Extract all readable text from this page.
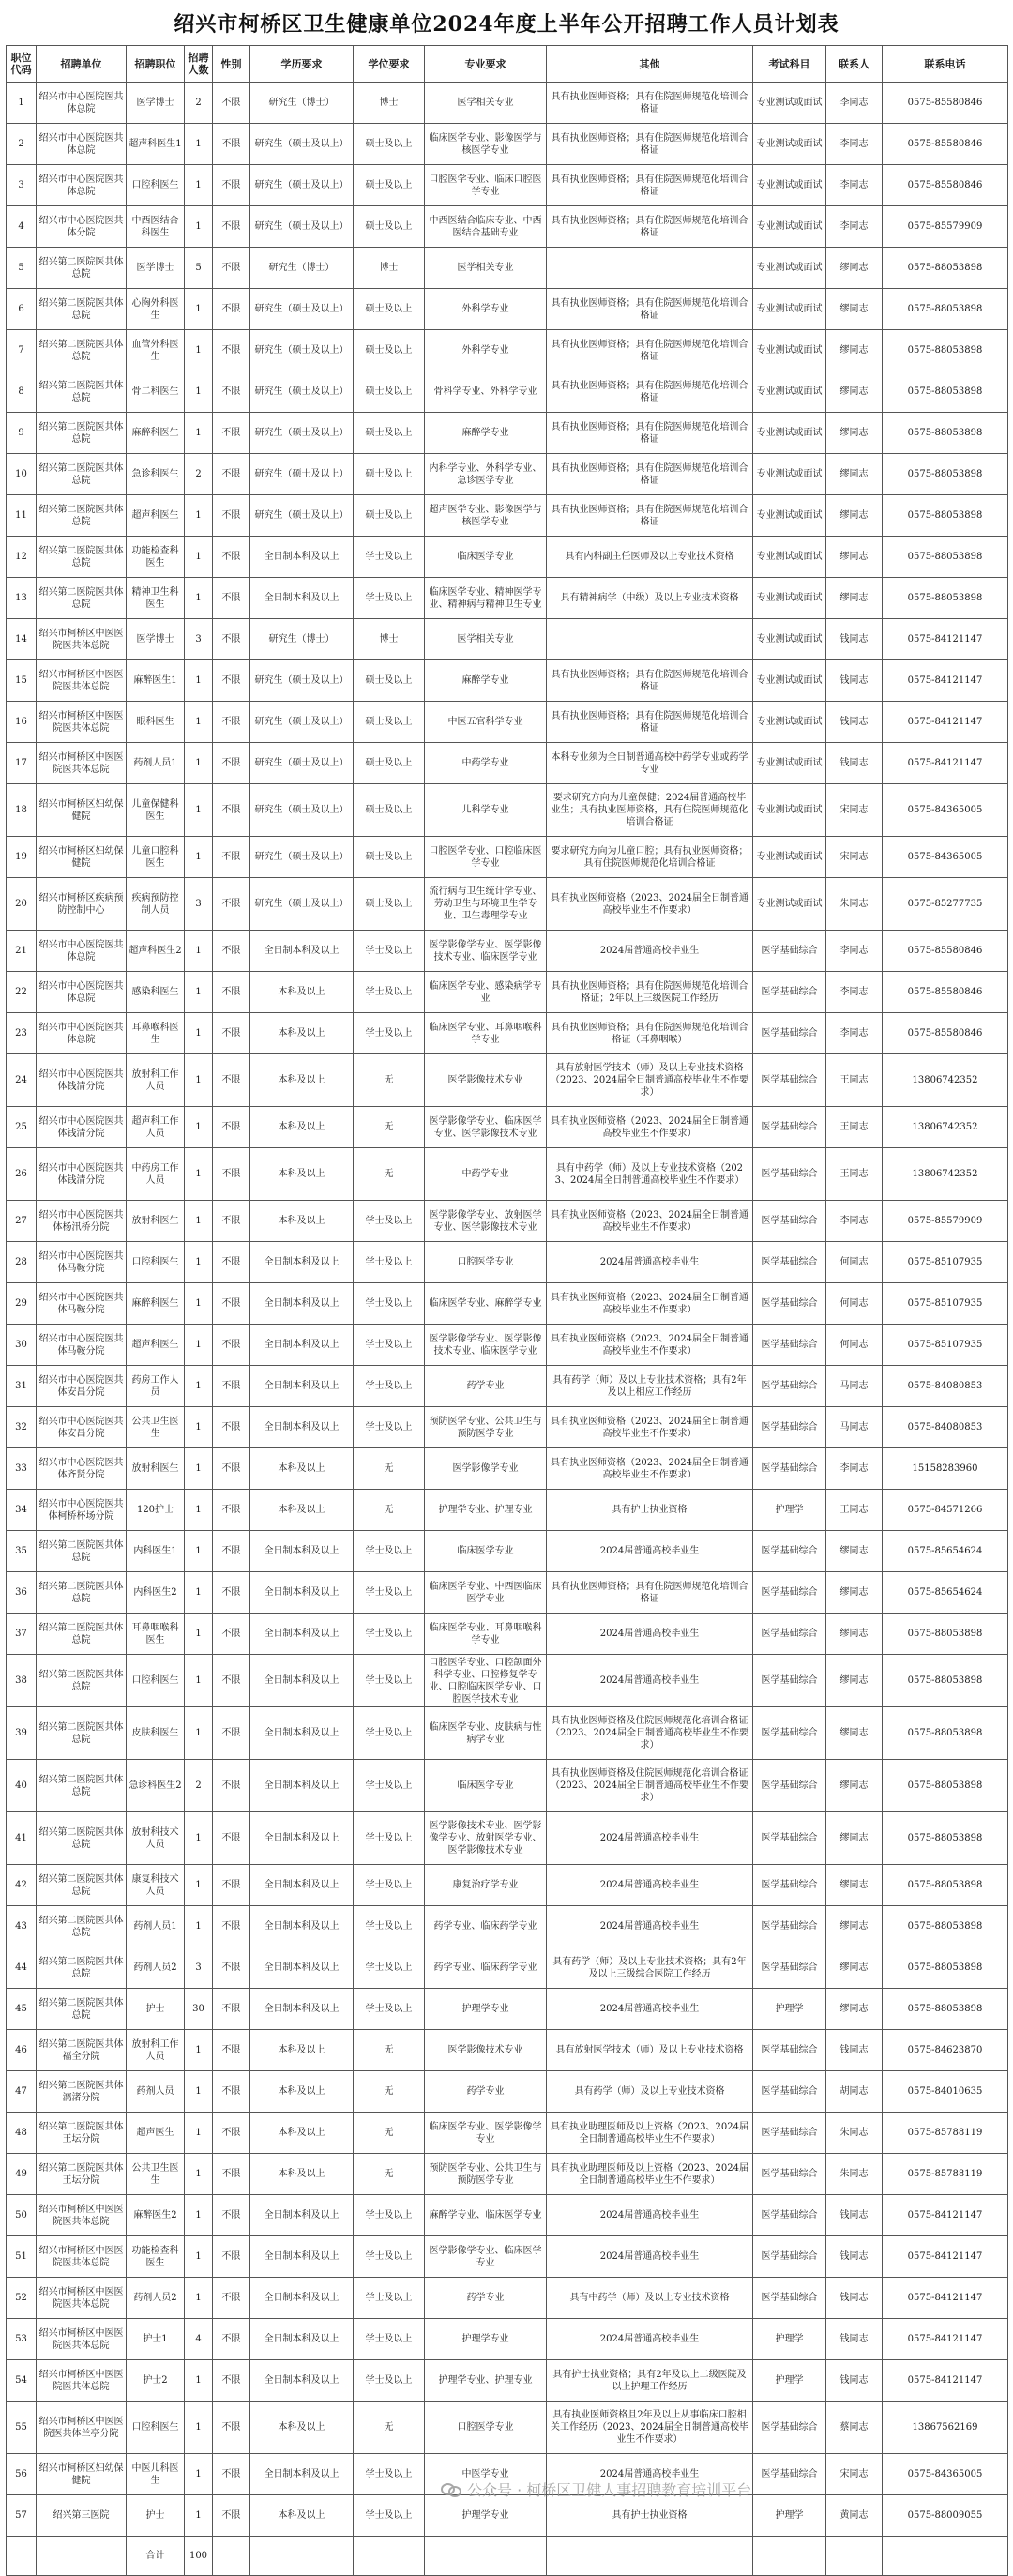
绍兴市柯桥区卫生健康单位2024年度上半年公开招聘工作人员计划表
职位代码	招聘单位	招聘职位	招聘人数	性别	学历要求	学位要求	专业要求	其他	考试科目	联系人	联系电话
1	绍兴市中心医院医共体总院	医学博士	2	不限	研究生（博士）	博士	医学相关专业	具有执业医师资格；具有住院医师规范化培训合格证	专业测试或面试	李同志	0575-85580846
2	绍兴市中心医院医共体总院	超声科医生1	1	不限	研究生（硕士及以上）	硕士及以上	临床医学专业、影像医学与核医学专业	具有执业医师资格；具有住院医师规范化培训合格证	专业测试或面试	李同志	0575-85580846
3	绍兴市中心医院医共体总院	口腔科医生	1	不限	研究生（硕士及以上）	硕士及以上	口腔医学专业、临床口腔医学专业	具有执业医师资格；具有住院医师规范化培训合格证	专业测试或面试	李同志	0575-85580846
4	绍兴市中心医院医共体分院	中西医结合科医生	1	不限	研究生（硕士及以上）	硕士及以上	中西医结合临床专业、中西医结合基础专业	具有执业医师资格；具有住院医师规范化培训合格证	专业测试或面试	李同志	0575-85579909
5	绍兴第二医院医共体总院	医学博士	5	不限	研究生（博士）	博士	医学相关专业		专业测试或面试	缪同志	0575-88053898
6	绍兴第二医院医共体总院	心胸外科医生	1	不限	研究生（硕士及以上）	硕士及以上	外科学专业	具有执业医师资格；具有住院医师规范化培训合格证	专业测试或面试	缪同志	0575-88053898
7	绍兴第二医院医共体总院	血管外科医生	1	不限	研究生（硕士及以上）	硕士及以上	外科学专业	具有执业医师资格；具有住院医师规范化培训合格证	专业测试或面试	缪同志	0575-88053898
8	绍兴第二医院医共体总院	骨二科医生	1	不限	研究生（硕士及以上）	硕士及以上	骨科学专业、外科学专业	具有执业医师资格；具有住院医师规范化培训合格证	专业测试或面试	缪同志	0575-88053898
9	绍兴第二医院医共体总院	麻醉科医生	1	不限	研究生（硕士及以上）	硕士及以上	麻醉学专业	具有执业医师资格；具有住院医师规范化培训合格证	专业测试或面试	缪同志	0575-88053898
10	绍兴第二医院医共体总院	急诊科医生	2	不限	研究生（硕士及以上）	硕士及以上	内科学专业、外科学专业、急诊医学专业	具有执业医师资格；具有住院医师规范化培训合格证	专业测试或面试	缪同志	0575-88053898
11	绍兴第二医院医共体总院	超声科医生	1	不限	研究生（硕士及以上）	硕士及以上	超声医学专业、影像医学与核医学专业	具有执业医师资格；具有住院医师规范化培训合格证	专业测试或面试	缪同志	0575-88053898
12	绍兴第二医院医共体总院	功能检查科医生	1	不限	全日制本科及以上	学士及以上	临床医学专业	具有内科副主任医师及以上专业技术资格	专业测试或面试	缪同志	0575-88053898
13	绍兴第二医院医共体总院	精神卫生科医生	1	不限	全日制本科及以上	学士及以上	临床医学专业、精神医学专业、精神病与精神卫生专业	具有精神病学（中级）及以上专业技术资格	专业测试或面试	缪同志	0575-88053898
14	绍兴市柯桥区中医医院医共体总院	医学博士	3	不限	研究生（博士）	博士	医学相关专业		专业测试或面试	钱同志	0575-84121147
15	绍兴市柯桥区中医医院医共体总院	麻醉医生1	1	不限	研究生（硕士及以上）	硕士及以上	麻醉学专业	具有执业医师资格；具有住院医师规范化培训合格证	专业测试或面试	钱同志	0575-84121147
16	绍兴市柯桥区中医医院医共体总院	眼科医生	1	不限	研究生（硕士及以上）	硕士及以上	中医五官科学专业	具有执业医师资格；具有住院医师规范化培训合格证	专业测试或面试	钱同志	0575-84121147
17	绍兴市柯桥区中医医院医共体总院	药剂人员1	1	不限	研究生（硕士及以上）	硕士及以上	中药学专业	本科专业须为全日制普通高校中药学专业或药学专业	专业测试或面试	钱同志	0575-84121147
18	绍兴市柯桥区妇幼保健院	儿童保健科医生	1	不限	研究生（硕士及以上）	硕士及以上	儿科学专业	要求研究方向为儿童保健；2024届普通高校毕业生；具有执业医师资格，具有住院医师规范化培训合格证	专业测试或面试	宋同志	0575-84365005
19	绍兴市柯桥区妇幼保健院	儿童口腔科医生	1	不限	研究生（硕士及以上）	硕士及以上	口腔医学专业、口腔临床医学专业	要求研究方向为儿童口腔；具有执业医师资格；具有住院医师规范化培训合格证	专业测试或面试	宋同志	0575-84365005
20	绍兴市柯桥区疾病预防控制中心	疾病预防控制人员	3	不限	研究生（硕士及以上）	硕士及以上	流行病与卫生统计学专业、劳动卫生与环境卫生学专业、卫生毒理学专业	具有执业医师资格（2023、2024届全日制普通高校毕业生不作要求）	专业测试或面试	朱同志	0575-85277735
21	绍兴市中心医院医共体总院	超声科医生2	1	不限	全日制本科及以上	学士及以上	医学影像学专业、医学影像技术专业、临床医学专业	2024届普通高校毕业生	医学基础综合	李同志	0575-85580846
22	绍兴市中心医院医共体总院	感染科医生	1	不限	本科及以上	学士及以上	临床医学专业、感染病学专业	具有执业医师资格；具有住院医师规范化培训合格证；2年以上三级医院工作经历	医学基础综合	李同志	0575-85580846
23	绍兴市中心医院医共体总院	耳鼻喉科医生	1	不限	本科及以上	学士及以上	临床医学专业、耳鼻咽喉科学专业	具有执业医师资格；具有住院医师规范化培训合格证（耳鼻咽喉）	医学基础综合	李同志	0575-85580846
24	绍兴市中心医院医共体钱清分院	放射科工作人员	1	不限	本科及以上	无	医学影像技术专业	具有放射医学技术（师）及以上专业技术资格（2023、2024届全日制普通高校毕业生不作要求）	医学基础综合	王同志	13806742352
25	绍兴市中心医院医共体钱清分院	超声科工作人员	1	不限	本科及以上	无	医学影像学专业、临床医学专业、医学影像技术专业	具有执业医师资格（2023、2024届全日制普通高校毕业生不作要求）	医学基础综合	王同志	13806742352
26	绍兴市中心医院医共体钱清分院	中药房工作人员	1	不限	本科及以上	无	中药学专业	具有中药学（师）及以上专业技术资格（2023、2024届全日制普通高校毕业生不作要求）	医学基础综合	王同志	13806742352
27	绍兴市中心医院医共体杨汛桥分院	放射科医生	1	不限	本科及以上	学士及以上	医学影像学专业、放射医学专业、医学影像技术专业	具有执业医师资格（2023、2024届全日制普通高校毕业生不作要求）	医学基础综合	李同志	0575-85579909
28	绍兴市中心医院医共体马鞍分院	口腔科医生	1	不限	全日制本科及以上	学士及以上	口腔医学专业	2024届普通高校毕业生	医学基础综合	何同志	0575-85107935
29	绍兴市中心医院医共体马鞍分院	麻醉科医生	1	不限	全日制本科及以上	学士及以上	临床医学专业、麻醉学专业	具有执业医师资格（2023、2024届全日制普通高校毕业生不作要求）	医学基础综合	何同志	0575-85107935
30	绍兴市中心医院医共体马鞍分院	超声科医生	1	不限	全日制本科及以上	学士及以上	医学影像学专业、医学影像技术专业、临床医学专业	具有执业医师资格（2023、2024届全日制普通高校毕业生不作要求）	医学基础综合	何同志	0575-85107935
31	绍兴市中心医院医共体安昌分院	药房工作人员	1	不限	全日制本科及以上	学士及以上	药学专业	具有药学（师）及以上专业技术资格；具有2年及以上相应工作经历	医学基础综合	马同志	0575-84080853
32	绍兴市中心医院医共体安昌分院	公共卫生医生	1	不限	全日制本科及以上	学士及以上	预防医学专业、公共卫生与预防医学专业	具有执业医师资格（2023、2024届全日制普通高校毕业生不作要求）	医学基础综合	马同志	0575-84080853
33	绍兴市中心医院医共体齐贤分院	放射科医生	1	不限	本科及以上	无	医学影像学专业	具有执业医师资格（2023、2024届全日制普通高校毕业生不作要求）	医学基础综合	李同志	15158283960
34	绍兴市中心医院医共体柯桥杯场分院	120护士	1	不限	本科及以上	无	护理学专业、护理专业	具有护士执业资格	护理学	王同志	0575-84571266
35	绍兴第二医院医共体总院	内科医生1	1	不限	全日制本科及以上	学士及以上	临床医学专业	2024届普通高校毕业生	医学基础综合	缪同志	0575-85654624
36	绍兴第二医院医共体总院	内科医生2	1	不限	全日制本科及以上	学士及以上	临床医学专业、中西医临床医学专业	具有执业医师资格；具有住院医师规范化培训合格证	医学基础综合	缪同志	0575-85654624
37	绍兴第二医院医共体总院	耳鼻咽喉科医生	1	不限	全日制本科及以上	学士及以上	临床医学专业、耳鼻咽喉科学专业	2024届普通高校毕业生	医学基础综合	缪同志	0575-88053898
38	绍兴第二医院医共体总院	口腔科医生	1	不限	全日制本科及以上	学士及以上	口腔医学专业、口腔颌面外科学专业、口腔修复学专业、口腔临床医学专业、口腔医学技术专业	2024届普通高校毕业生	医学基础综合	缪同志	0575-88053898
39	绍兴第二医院医共体总院	皮肤科医生	1	不限	全日制本科及以上	学士及以上	临床医学专业、皮肤病与性病学专业	具有执业医师资格及住院医师规范化培训合格证（2023、2024届全日制普通高校毕业生不作要求）	医学基础综合	缪同志	0575-88053898
40	绍兴第二医院医共体总院	急诊科医生2	2	不限	全日制本科及以上	学士及以上	临床医学专业	具有执业医师资格及住院医师规范化培训合格证（2023、2024届全日制普通高校毕业生不作要求）	医学基础综合	缪同志	0575-88053898
41	绍兴第二医院医共体总院	放射科技术人员	1	不限	全日制本科及以上	学士及以上	医学影像技术专业、医学影像学专业、放射医学专业、医学影像技术专业	2024届普通高校毕业生	医学基础综合	缪同志	0575-88053898
42	绍兴第二医院医共体总院	康复科技术人员	1	不限	全日制本科及以上	学士及以上	康复治疗学专业	2024届普通高校毕业生	医学基础综合	缪同志	0575-88053898
43	绍兴第二医院医共体总院	药剂人员1	1	不限	全日制本科及以上	学士及以上	药学专业、临床药学专业	2024届普通高校毕业生	医学基础综合	缪同志	0575-88053898
44	绍兴第二医院医共体总院	药剂人员2	3	不限	全日制本科及以上	学士及以上	药学专业、临床药学专业	具有药学（师）及以上专业技术资格；具有2年及以上三级综合医院工作经历	医学基础综合	缪同志	0575-88053898
45	绍兴第二医院医共体总院	护士	30	不限	全日制本科及以上	学士及以上	护理学专业	2024届普通高校毕业生	护理学	缪同志	0575-88053898
46	绍兴第二医院医共体福全分院	放射科工作人员	1	不限	本科及以上	无	医学影像技术专业	具有放射医学技术（师）及以上专业技术资格	医学基础综合	钱同志	0575-84623870
47	绍兴第二医院医共体漓渚分院	药剂人员	1	不限	本科及以上	无	药学专业	具有药学（师）及以上专业技术资格	医学基础综合	胡同志	0575-84010635
48	绍兴第二医院医共体王坛分院	超声医生	1	不限	本科及以上	无	临床医学专业、医学影像学专业	具有执业助理医师及以上资格（2023、2024届全日制普通高校毕业生不作要求）	医学基础综合	朱同志	0575-85788119
49	绍兴第二医院医共体王坛分院	公共卫生医生	1	不限	本科及以上	无	预防医学专业、公共卫生与预防医学专业	具有执业助理医师及以上资格（2023、2024届全日制普通高校毕业生不作要求）	医学基础综合	朱同志	0575-85788119
50	绍兴市柯桥区中医医院医共体总院	麻醉医生2	1	不限	全日制本科及以上	学士及以上	麻醉学专业、临床医学专业	2024届普通高校毕业生	医学基础综合	钱同志	0575-84121147
51	绍兴市柯桥区中医医院医共体总院	功能检查科医生	1	不限	全日制本科及以上	学士及以上	医学影像学专业、临床医学专业	2024届普通高校毕业生	医学基础综合	钱同志	0575-84121147
52	绍兴市柯桥区中医医院医共体总院	药剂人员2	1	不限	全日制本科及以上	学士及以上	药学专业	具有中药学（师）及以上专业技术资格	医学基础综合	钱同志	0575-84121147
53	绍兴市柯桥区中医医院医共体总院	护士1	4	不限	全日制本科及以上	学士及以上	护理学专业	2024届普通高校毕业生	护理学	钱同志	0575-84121147
54	绍兴市柯桥区中医医院医共体总院	护士2	1	不限	全日制本科及以上	学士及以上	护理学专业、护理专业	具有护士执业资格；具有2年及以上二级医院及以上护理工作经历	护理学	钱同志	0575-84121147
55	绍兴市柯桥区中医医院医共体兰亭分院	口腔科医生	1	不限	本科及以上	无	口腔医学专业	具有执业医师资格且2年及以上从事临床口腔相关工作经历（2023、2024届全日制普通高校毕业生不作要求）	医学基础综合	蔡同志	13867562169
56	绍兴市柯桥区妇幼保健院	中医儿科医生	1	不限	全日制本科及以上	学士及以上	中医学专业	2024届普通高校毕业生	医学基础综合	宋同志	0575-84365005
57	绍兴第三医院	护士	1	不限	本科及以上	学士及以上	护理学专业	具有护士执业资格	护理学	黄同志	0575-88009055
		合计	100								
公众号 · 柯桥区卫健人事招聘教育培训平台
